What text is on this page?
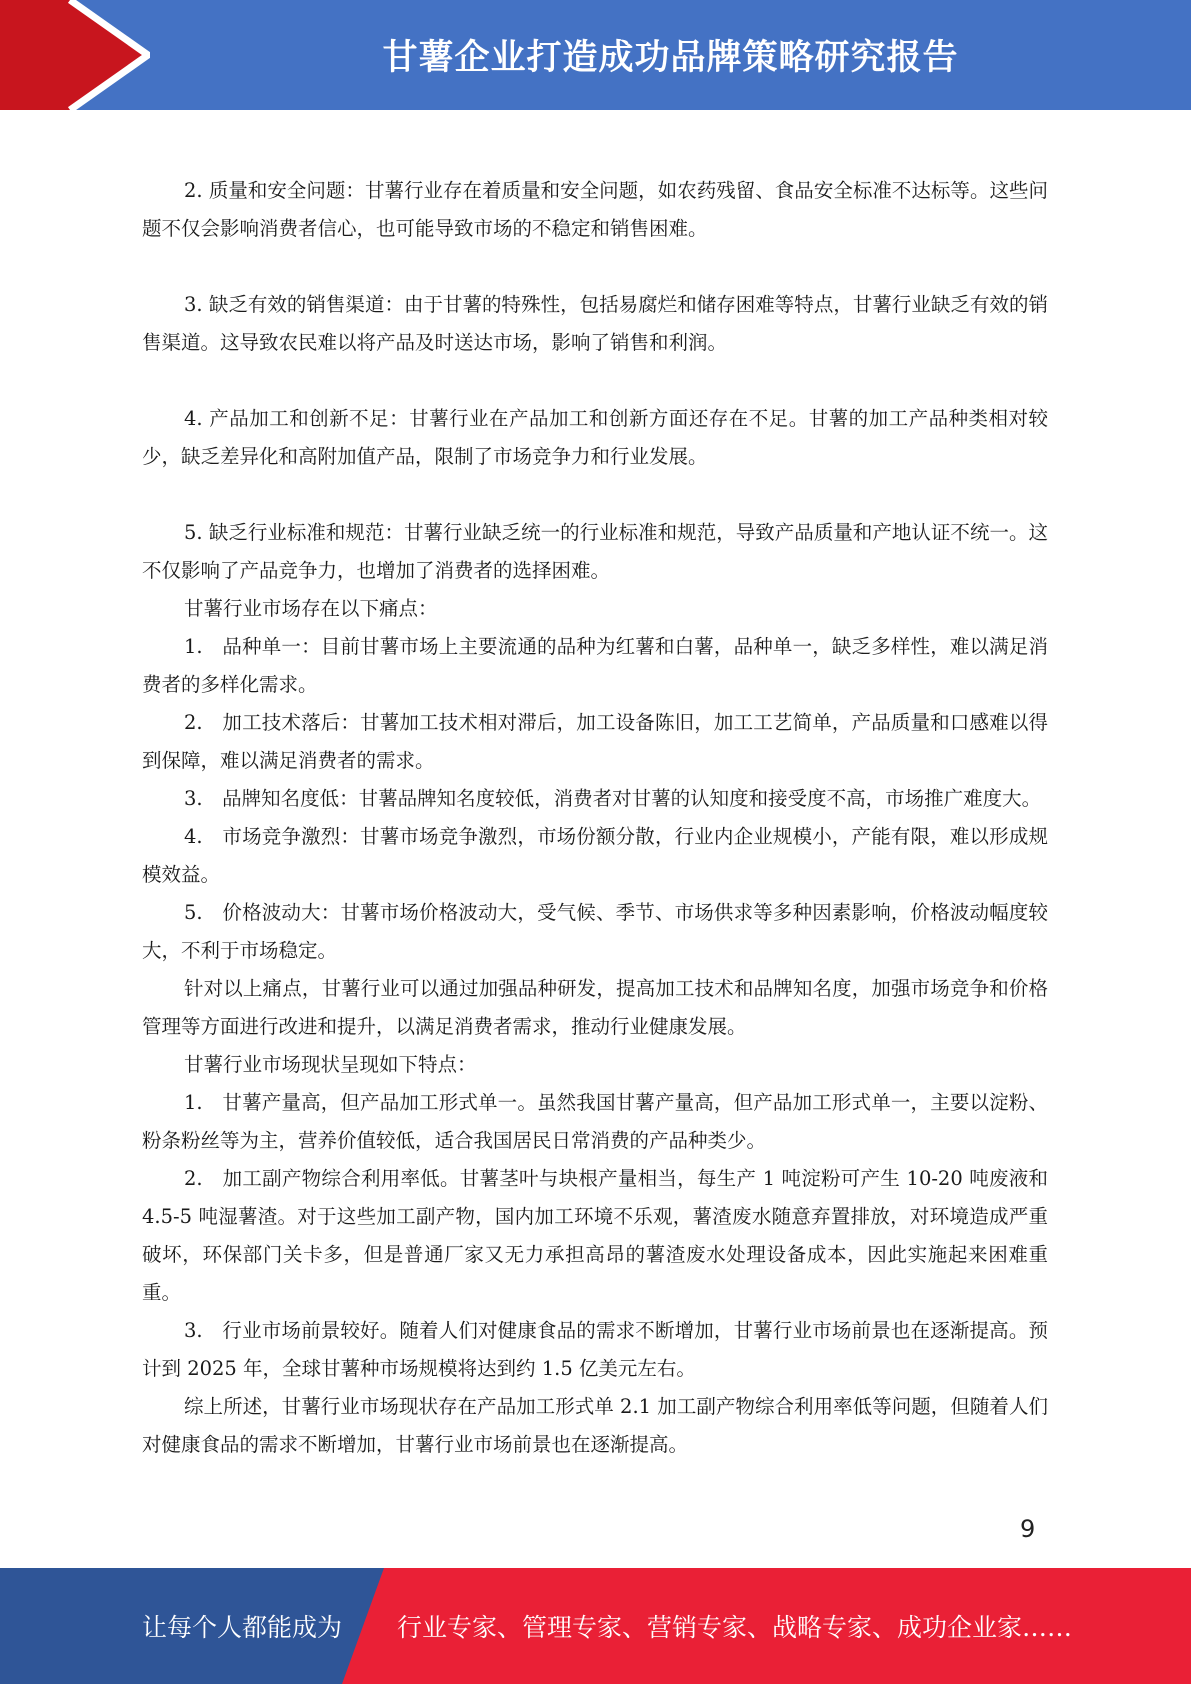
甘薯企业打造成功品牌策略研究报告

2. 质量和安全问题：甘薯行业存在着质量和安全问题，如农药残留、食品安全标准不达标等。这些问题不仅会影响消费者信心，也可能导致市场的不稳定和销售困难。

3. 缺乏有效的销售渠道：由于甘薯的特殊性，包括易腐烂和储存困难等特点，甘薯行业缺乏有效的销售渠道。这导致农民难以将产品及时送达市场，影响了销售和利润。

4. 产品加工和创新不足：甘薯行业在产品加工和创新方面还存在不足。甘薯的加工产品种类相对较少，缺乏差异化和高附加值产品，限制了市场竞争力和行业发展。

5. 缺乏行业标准和规范：甘薯行业缺乏统一的行业标准和规范，导致产品质量和产地认证不统一。这不仅影响了产品竞争力，也增加了消费者的选择困难。

甘薯行业市场存在以下痛点：

1.　品种单一：目前甘薯市场上主要流通的品种为红薯和白薯，品种单一，缺乏多样性，难以满足消费者的多样化需求。

2.　加工技术落后：甘薯加工技术相对滞后，加工设备陈旧，加工工艺简单，产品质量和口感难以得到保障，难以满足消费者的需求。

3.　品牌知名度低：甘薯品牌知名度较低，消费者对甘薯的认知度和接受度不高，市场推广难度大。

4.　市场竞争激烈：甘薯市场竞争激烈，市场份额分散，行业内企业规模小，产能有限，难以形成规模效益。

5.　价格波动大：甘薯市场价格波动大，受气候、季节、市场供求等多种因素影响，价格波动幅度较大，不利于市场稳定。

针对以上痛点，甘薯行业可以通过加强品种研发，提高加工技术和品牌知名度，加强市场竞争和价格管理等方面进行改进和提升，以满足消费者需求，推动行业健康发展。

甘薯行业市场现状呈现如下特点：

1.　甘薯产量高，但产品加工形式单一。虽然我国甘薯产量高，但产品加工形式单一，主要以淀粉、粉条粉丝等为主，营养价值较低，适合我国居民日常消费的产品种类少。

2.　加工副产物综合利用率低。甘薯茎叶与块根产量相当，每生产 1 吨淀粉可产生 10-20 吨废液和 4.5-5 吨湿薯渣。对于这些加工副产物，国内加工环境不乐观，薯渣废水随意弃置排放，对环境造成严重破坏，环保部门关卡多，但是普通厂家又无力承担高昂的薯渣废水处理设备成本，因此实施起来困难重重。

3.　行业市场前景较好。随着人们对健康食品的需求不断增加，甘薯行业市场前景也在逐渐提高。预计到 2025 年，全球甘薯种市场规模将达到约 1.5 亿美元左右。

综上所述，甘薯行业市场现状存在产品加工形式单 2.1 加工副产物综合利用率低等问题，但随着人们对健康食品的需求不断增加，甘薯行业市场前景也在逐渐提高。

9
让每个人都能成为 行业专家、管理专家、营销专家、战略专家、成功企业家……
